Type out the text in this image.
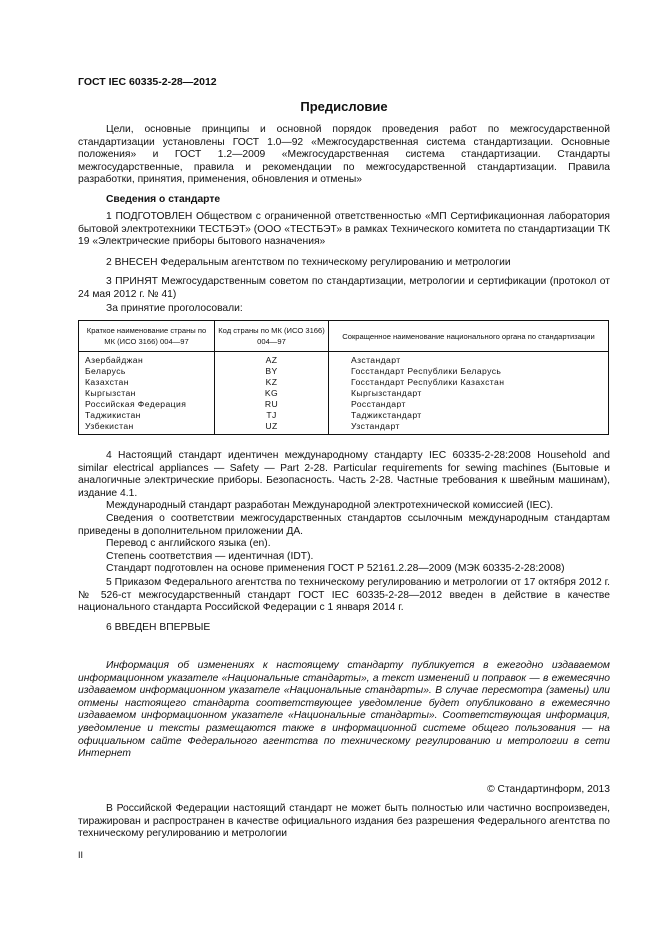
ГОСТ IEC 60335-2-28—2012
Предисловие

Цели, основные принципы и основной порядок проведения работ по межгосударственной стандартизации установлены ГОСТ 1.0—92 «Межгосударственная система стандартизации. Основные положения» и ГОСТ 1.2—2009 «Межгосударственная система стандартизации. Стандарты межгосударственные, правила и рекомендации по межгосударственной стандартизации. Правила разработки, принятия, применения, обновления и отмены»

Сведения о стандарте

1 ПОДГОТОВЛЕН Обществом с ограниченной ответственностью «МП Сертификационная лаборатория бытовой электротехники ТЕСТБЭТ» (ООО «ТЕСТБЭТ» в рамках Технического комитета по стандартизации ТК 19 «Электрические приборы бытового назначения»

2 ВНЕСЕН Федеральным агентством по техническому регулированию и метрологии

3 ПРИНЯТ Межгосударственным советом по стандартизации, метрологии и сертификации (протокол от 24 мая 2012 г. № 41)

За принятие проголосовали:

Краткое наименование страны по МК (ИСО 3166) 004—97	Код страны по МК (ИСО 3166) 004—97	Сокращенное наименование национального органа по стандартизации
Азербайджан	AZ	Азстандарт
Беларусь	BY	Госстандарт Республики Беларусь
Казахстан	KZ	Госстандарт Республики Казахстан
Кыргызстан	KG	Кыргызстандарт
Российская Федерация	RU	Росстандарт
Таджикистан	TJ	Таджикстандарт
Узбекистан	UZ	Узстандарт

4 Настоящий стандарт идентичен международному стандарту IEC 60335-2-28:2008 Household and similar electrical appliances — Safety — Part 2-28. Particular requirements for sewing machines (Бытовые и аналогичные электрические приборы. Безопасность. Часть 2-28. Частные требования к швейным машинам), издание 4.1.

Международный стандарт разработан Международной электротехнической комиссией (IEC).

Сведения о соответствии межгосударственных стандартов ссылочным международным стандартам приведены в дополнительном приложении ДА.

Перевод с английского языка (en).

Степень соответствия — идентичная (IDT).

Стандарт подготовлен на основе применения ГОСТ Р 52161.2.28—2009 (МЭК 60335-2-28:2008)

5 Приказом Федерального агентства по техническому регулированию и метрологии от 17 октября 2012 г. № 526-ст межгосударственный стандарт ГОСТ IEC 60335-2-28—2012 введен в действие в качестве национального стандарта Российской Федерации с 1 января 2014 г.

6 ВВЕДЕН ВПЕРВЫЕ

Информация об изменениях к настоящему стандарту публикуется в ежегодно издаваемом информационном указателе «Национальные стандарты», а текст изменений и поправок — в ежемесячно издаваемом информационном указателе «Национальные стандарты». В случае пересмотра (замены) или отмены настоящего стандарта соответствующее уведомление будет опубликовано в ежемесячно издаваемом информационном указателе «Национальные стандарты». Соответствующая информация, уведомление и тексты размещаются также в информационной системе общего пользования — на официальном сайте Федерального агентства по техническому регулированию и метрологии в сети Интернет

© Стандартинформ, 2013

В Российской Федерации настоящий стандарт не может быть полностью или частично воспроизведен, тиражирован и распространен в качестве официального издания без разрешения Федерального агентства по техническому регулированию и метрологии

II
